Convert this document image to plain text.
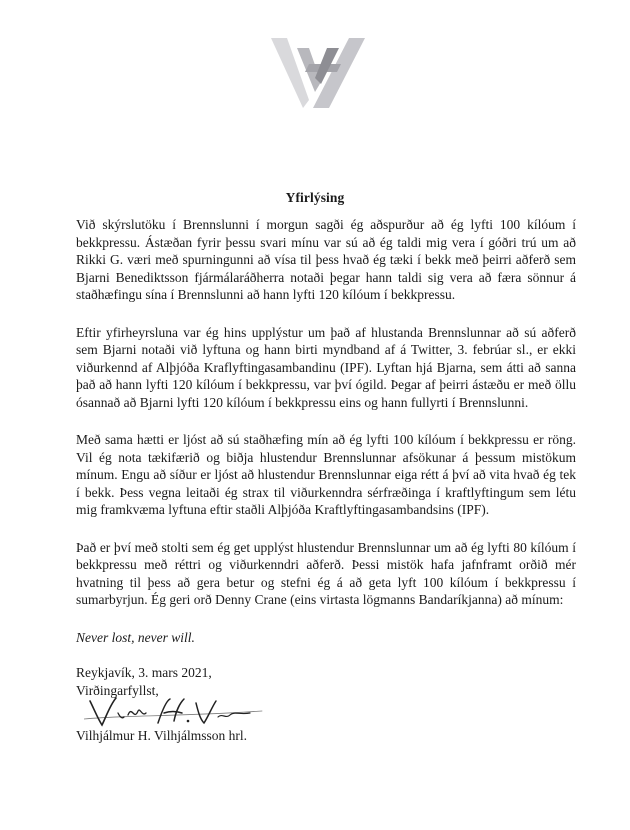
Yfirlýsing

Við skýrslutöku í Brennslunni í morgun sagði ég aðspurður að ég lyfti 100 kílóum í bekkpressu. Ástæðan fyrir þessu svari mínu var sú að ég taldi mig vera í góðri trú um að Rikki G. væri með spurningunni að vísa til þess hvað ég tæki í bekk með þeirri aðferð sem Bjarni Benediktsson fjármálaráðherra notaði þegar hann taldi sig vera að færa sönnur á staðhæfingu sína í Brennslunni að hann lyfti 120 kílóum í bekkpressu.

Eftir yfirheyrsluna var ég hins upplýstur um það af hlustanda Brennslunnar að sú aðferð sem Bjarni notaði við lyftuna og hann birti myndband af á Twitter, 3. febrúar sl., er ekki viðurkennd af Alþjóða Kraflyftingasambandinu (IPF). Lyftan hjá Bjarna, sem átti að sanna það að hann lyfti 120 kílóum í bekkpressu, var því ógild. Þegar af þeirri ástæðu er með öllu ósannað að Bjarni lyfti 120 kílóum í bekkpressu eins og hann fullyrti í Brennslunni.

Með sama hætti er ljóst að sú staðhæfing mín að ég lyfti 100 kílóum í bekkpressu er röng. Vil ég nota tækifærið og biðja hlustendur Brennslunnar afsökunar á þessum mistökum mínum. Engu að síður er ljóst að hlustendur Brennslunnar eiga rétt á því að vita hvað ég tek í bekk. Þess vegna leitaði ég strax til viðurkenndra sérfræðinga í kraftlyftingum sem létu mig framkvæma lyftuna eftir staðli Alþjóða Kraftlyftingasambandsins (IPF).

Það er því með stolti sem ég get upplýst hlustendur Brennslunnar um að ég lyfti 80 kílóum í bekkpressu með réttri og viðurkenndri aðferð. Þessi mistök hafa jafnframt orðið mér hvatning til þess að gera betur og stefni ég á að geta lyft 100 kílóum í bekkpressu í sumarbyrjun. Ég geri orð Denny Crane (eins virtasta lögmanns Bandaríkjanna) að mínum:

Never lost, never will.

Reykjavík, 3. mars 2021,

Virðingarfyllst,

Vilhjálmur H. Vilhjálmsson hrl.
